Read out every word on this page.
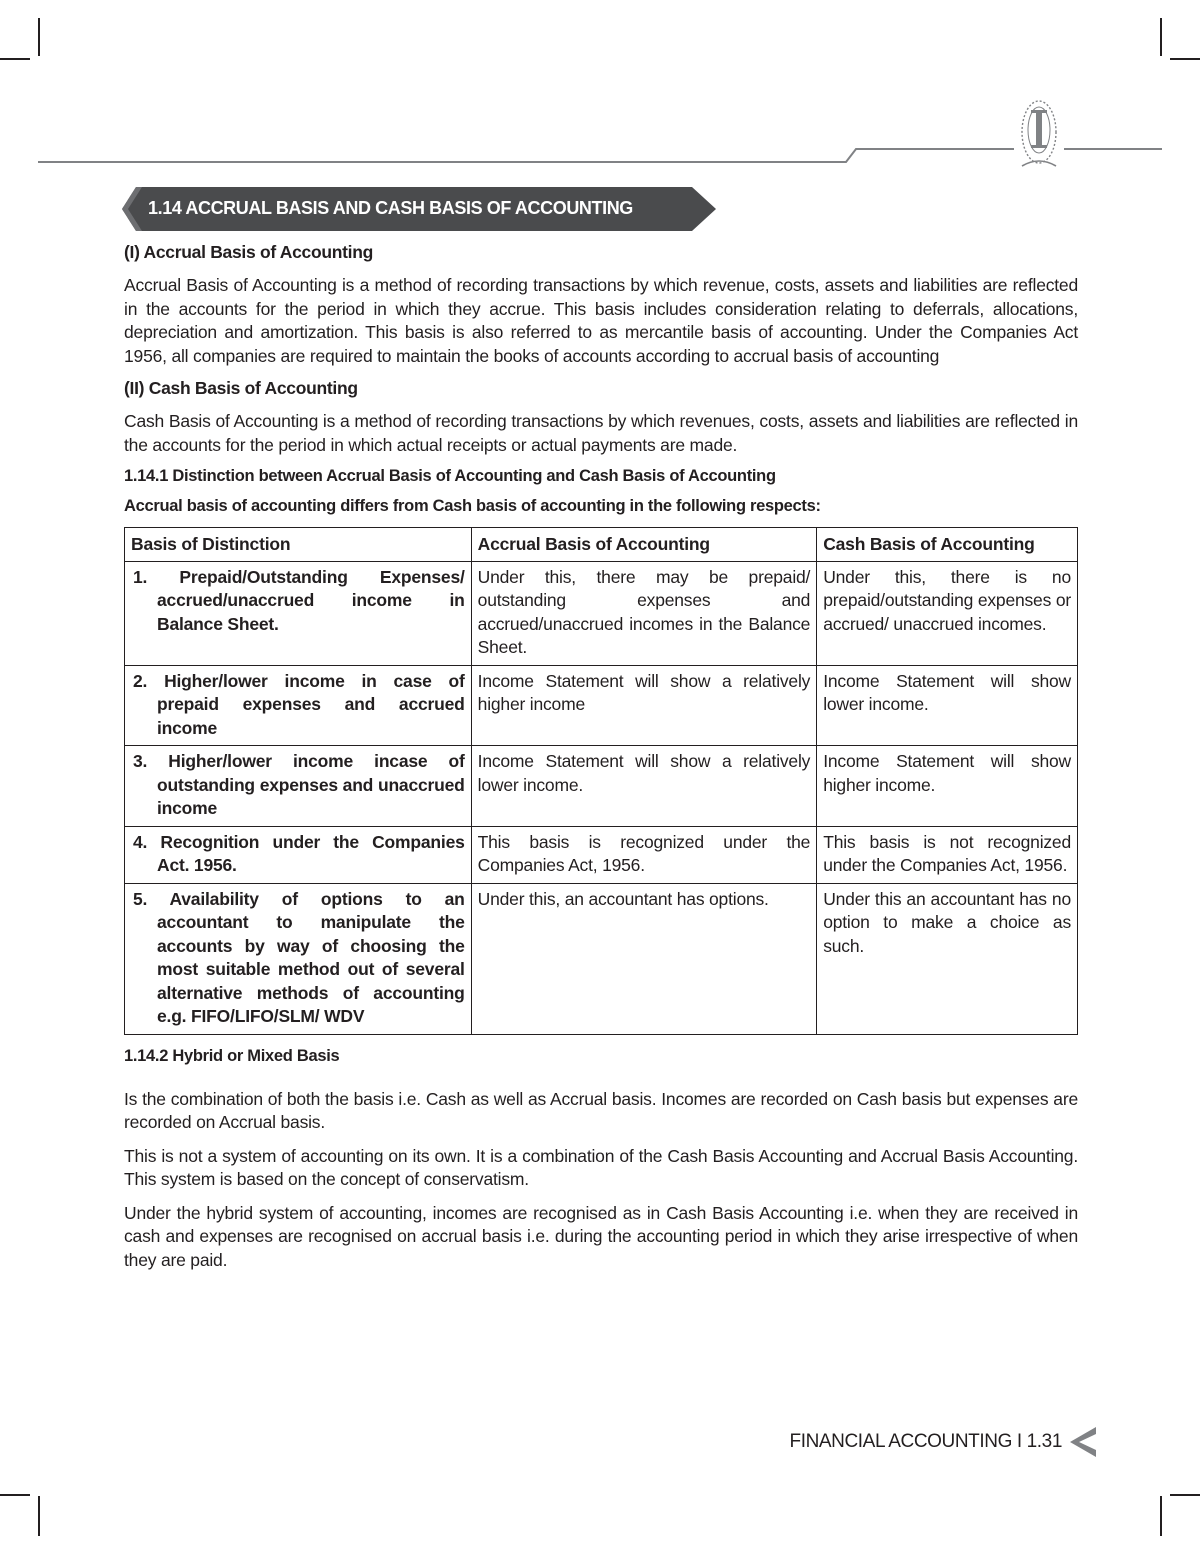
1.14 ACCRUAL BASIS AND CASH BASIS OF ACCOUNTING
(I) Accrual Basis of Accounting
Accrual Basis of Accounting is a method of recording transactions by which revenue, costs, assets and liabilities are reflected in the accounts for the period in which they accrue. This basis includes consideration relating to deferrals, allocations, depreciation and amortization. This basis is also referred to as mercantile basis of accounting. Under the Companies Act 1956, all companies are required to maintain the books of accounts according to accrual basis of accounting
(II) Cash Basis of Accounting
Cash Basis of Accounting is a method of recording transactions by which revenues, costs, assets and liabilities are reflected in the accounts for the period in which actual receipts or actual payments are made.
1.14.1 Distinction between Accrual Basis of Accounting and Cash Basis of Accounting
Accrual basis of accounting differs from Cash basis of accounting in the following respects:
Basis of Distinction	Accrual Basis of Accounting	Cash Basis of Accounting
1. Prepaid/Outstanding Expenses/ accrued/unaccrued income in Balance Sheet.	Under this, there may be prepaid/ outstanding expenses and accrued/unaccrued incomes in the Balance Sheet.	Under this, there is no prepaid/outstanding expenses or accrued/ unaccrued incomes.
2. Higher/lower income in case of prepaid expenses and accrued income	Income Statement will show a relatively higher income	Income Statement will show lower income.
3. Higher/lower income incase of outstanding expenses and unaccrued income	Income Statement will show a relatively lower income.	Income Statement will show higher income.
4. Recognition under the Companies Act. 1956.	This basis is recognized under the Companies Act, 1956.	This basis is not recognized under the Companies Act, 1956.
5. Availability of options to an accountant to manipulate the accounts by way of choosing the most suitable method out of several alternative methods of accounting e.g. FIFO/LIFO/SLM/ WDV	Under this, an accountant has options.	Under this an accountant has no option to make a choice as such.
1.14.2 Hybrid or Mixed Basis
Is the combination of both the basis i.e. Cash as well as Accrual basis. Incomes are recorded on Cash basis but expenses are recorded on Accrual basis.
This is not a system of accounting on its own. It is a combination of the Cash Basis Accounting and Accrual Basis Accounting. This system is based on the concept of conservatism.
Under the hybrid system of accounting, incomes are recognised as in Cash Basis Accounting i.e. when they are received in cash and expenses are recognised on accrual basis i.e. during the accounting period in which they arise irrespective of when they are paid.
FINANCIAL ACCOUNTING I 1.31
